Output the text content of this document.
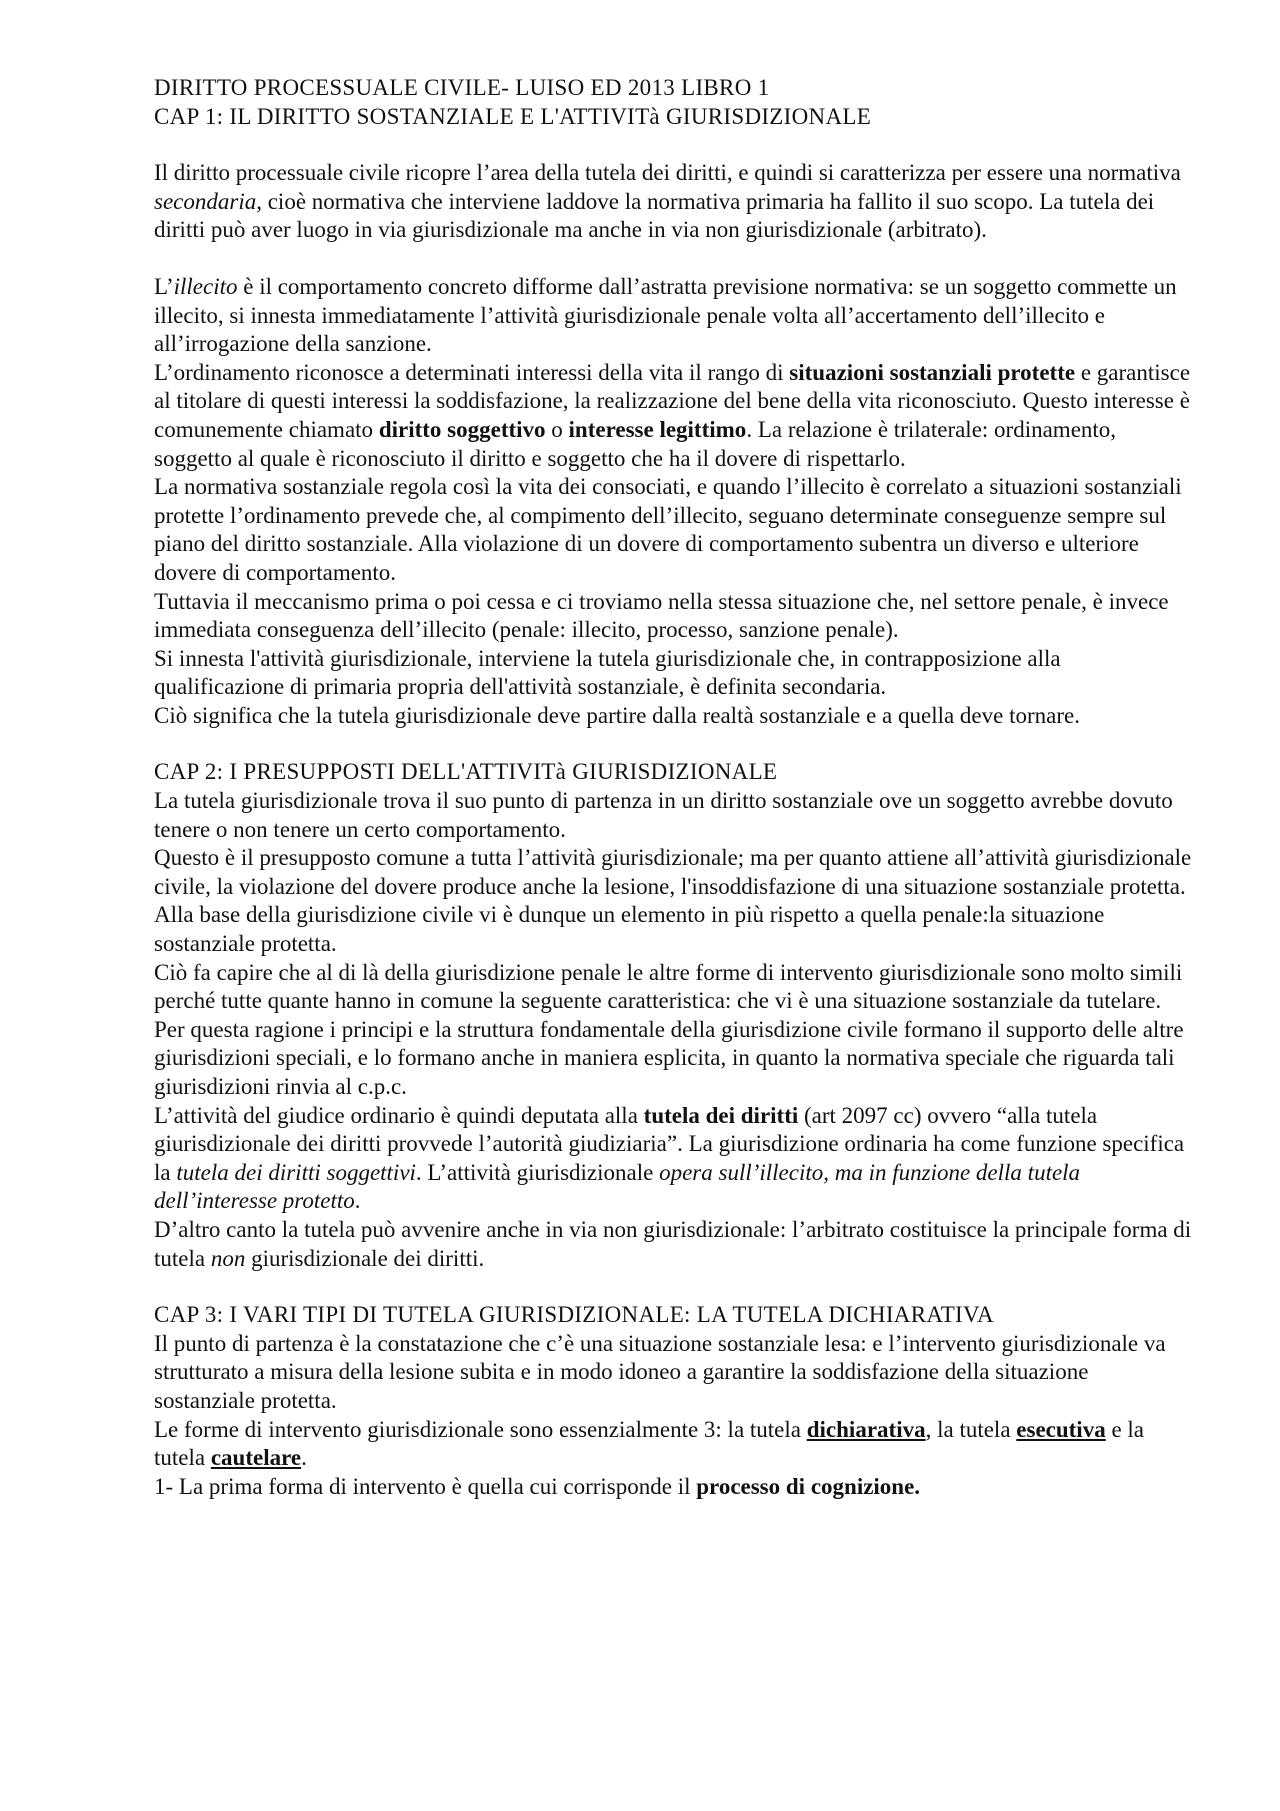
DIRITTO PROCESSUALE CIVILE- LUISO ED 2013 LIBRO 1

CAP 1: IL DIRITTO SOSTANZIALE E L'ATTIVITà GIURISDIZIONALE

Il diritto processuale civile ricopre l’area della tutela dei diritti, e quindi si caratterizza per essere una normativa secondaria, cioè normativa che interviene laddove la normativa primaria ha fallito il suo scopo. La tutela dei diritti può aver luogo in via giurisdizionale ma anche in via non giurisdizionale (arbitrato).

L’illecito è il comportamento concreto difforme dall’astratta previsione normativa: se un soggetto commette un illecito, si innesta immediatamente l’attività giurisdizionale penale volta all’accertamento dell’illecito e all’irrogazione della sanzione.

L’ordinamento riconosce a determinati interessi della vita il rango di situazioni sostanziali protette e garantisce al titolare di questi interessi la soddisfazione, la realizzazione del bene della vita riconosciuto. Questo interesse è comunemente chiamato diritto soggettivo o interesse legittimo. La relazione è trilaterale: ordinamento, soggetto al quale è riconosciuto il diritto e soggetto che ha il dovere di rispettarlo.

La normativa sostanziale regola così la vita dei consociati, e quando l’illecito è correlato a situazioni sostanziali protette l’ordinamento prevede che, al compimento dell’illecito, seguano determinate conseguenze sempre sul piano del diritto sostanziale. Alla violazione di un dovere di comportamento subentra un diverso e ulteriore dovere di comportamento.

Tuttavia il meccanismo prima o poi cessa e ci troviamo nella stessa situazione che, nel settore penale, è invece immediata conseguenza dell’illecito (penale: illecito, processo, sanzione penale).

Si innesta l'attività giurisdizionale, interviene la tutela giurisdizionale che, in contrapposizione alla qualificazione di primaria propria dell'attività sostanziale, è definita secondaria.

Ciò significa che la tutela giurisdizionale deve partire dalla realtà sostanziale e a quella deve tornare.

CAP 2: I PRESUPPOSTI DELL'ATTIVITà GIURISDIZIONALE

La tutela giurisdizionale trova il suo punto di partenza in un diritto sostanziale ove un soggetto avrebbe dovuto tenere o non tenere un certo comportamento.

Questo è il presupposto comune a tutta l’attività giurisdizionale; ma per quanto attiene all’attività giurisdizionale civile, la violazione del dovere produce anche la lesione, l'insoddisfazione di una situazione sostanziale protetta. Alla base della giurisdizione civile vi è dunque un elemento in più rispetto a quella penale:la situazione sostanziale protetta.

Ciò fa capire che al di là della giurisdizione penale le altre forme di intervento giurisdizionale sono molto simili perché tutte quante hanno in comune la seguente caratteristica: che vi è una situazione sostanziale da tutelare.

Per questa ragione i principi e la struttura fondamentale della giurisdizione civile formano il supporto delle altre giurisdizioni speciali, e lo formano anche in maniera esplicita, in quanto la normativa speciale che riguarda tali giurisdizioni rinvia al c.p.c.

L’attività del giudice ordinario è quindi deputata alla tutela dei diritti (art 2097 cc) ovvero “alla tutela giurisdizionale dei diritti provvede l’autorità giudiziaria”. La giurisdizione ordinaria ha come funzione specifica la tutela dei diritti soggettivi. L’attività giurisdizionale opera sull’illecito, ma in funzione della tutela dell’interesse protetto.

D’altro canto la tutela può avvenire anche in via non giurisdizionale: l’arbitrato costituisce la principale forma di tutela non giurisdizionale dei diritti.

CAP 3: I VARI TIPI DI TUTELA GIURISDIZIONALE: LA TUTELA DICHIARATIVA

Il punto di partenza è la constatazione che c’è una situazione sostanziale lesa: e l’intervento giurisdizionale va strutturato a misura della lesione subita e in modo idoneo a garantire la soddisfazione della situazione sostanziale protetta.

Le forme di intervento giurisdizionale sono essenzialmente 3: la tutela dichiarativa, la tutela esecutiva e la tutela cautelare.

1- La prima forma di intervento è quella cui corrisponde il processo di cognizione.
